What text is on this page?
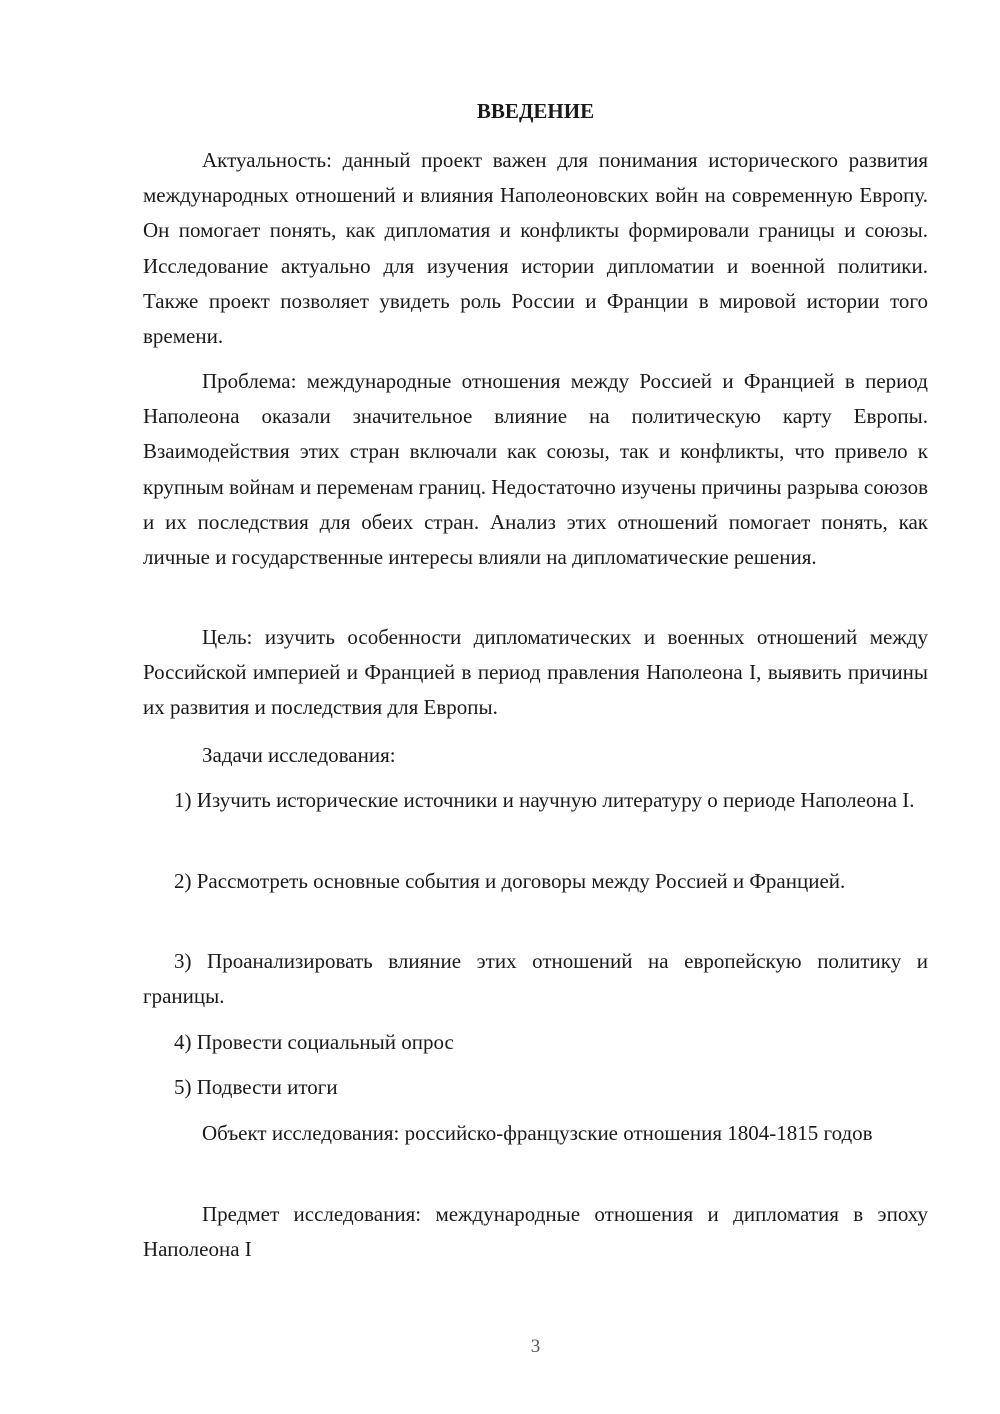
ВВЕДЕНИЕ

Актуальность: данный проект важен для понимания исторического развития международных отношений и влияния Наполеоновских войн на современную Европу. Он помогает понять, как дипломатия и конфликты формировали границы и союзы. Исследование актуально для изучения истории дипломатии и военной политики. Также проект позволяет увидеть роль России и Франции в мировой истории того времени.

Проблема: международные отношения между Россией и Францией в период Наполеона оказали значительное влияние на политическую карту Европы. Взаимодействия этих стран включали как союзы, так и конфликты, что привело к крупным войнам и переменам границ. Недостаточно изучены причины разрыва союзов и их последствия для обеих стран. Анализ этих отношений помогает понять, как личные и государственные интересы влияли на дипломатические решения.

Цель: изучить особенности дипломатических и военных отношений между Российской империей и Францией в период правления Наполеона I, выявить причины их развития и последствия для Европы.

Задачи исследования:

1) Изучить исторические источники и научную литературу о периоде Наполеона I.

2) Рассмотреть основные события и договоры между Россией и Францией.

3) Проанализировать влияние этих отношений на европейскую политику и границы.

4) Провести социальный опрос

5) Подвести итоги

Объект исследования: российско-французские отношения 1804-1815 годов

Предмет исследования: международные отношения и дипломатия в эпоху Наполеона I

3
